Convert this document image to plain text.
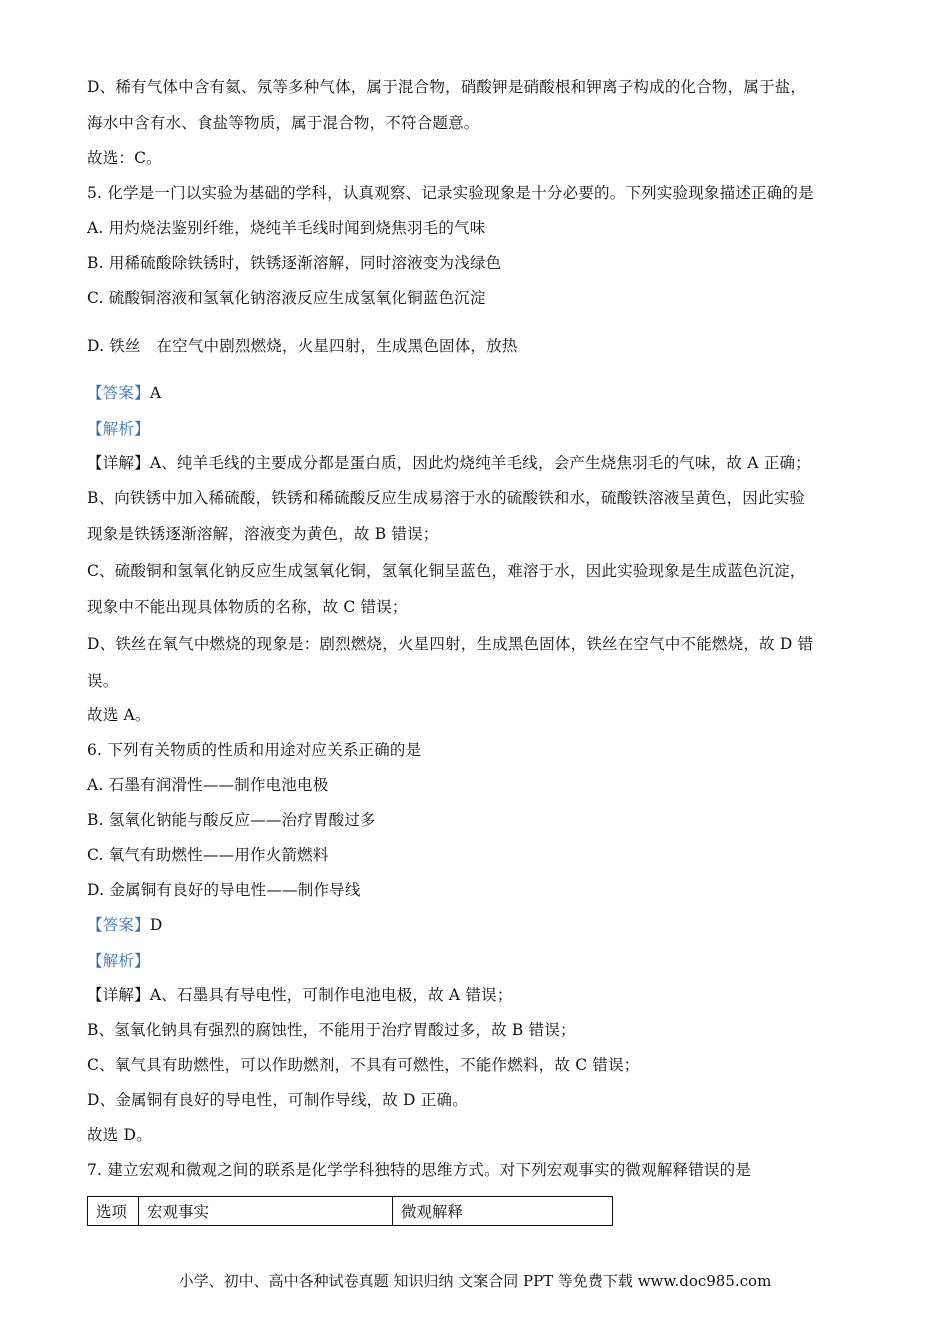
D、稀有气体中含有氦、氖等多种气体，属于混合物，硝酸钾是硝酸根和钾离子构成的化合物，属于盐，
海水中含有水、食盐等物质，属于混合物，不符合题意。
故选：C。
5. 化学是一门以实验为基础的学科，认真观察、记录实验现象是十分必要的。下列实验现象描述正确的是
A. 用灼烧法鉴别纤维，烧纯羊毛线时闻到烧焦羽毛的气味
B. 用稀硫酸除铁锈时，铁锈逐渐溶解，同时溶液变为浅绿色
C. 硫酸铜溶液和氢氧化钠溶液反应生成氢氧化铜蓝色沉淀
D. 铁丝　在空气中剧烈燃烧，火星四射，生成黑色固体，放热
【答案】A
【解析】
【详解】A、纯羊毛线的主要成分都是蛋白质，因此灼烧纯羊毛线，会产生烧焦羽毛的气味，故 A 正确；
B、向铁锈中加入稀硫酸，铁锈和稀硫酸反应生成易溶于水的硫酸铁和水，硫酸铁溶液呈黄色，因此实验
现象是铁锈逐渐溶解，溶液变为黄色，故 B 错误；
C、硫酸铜和氢氧化钠反应生成氢氧化铜，氢氧化铜呈蓝色，难溶于水，因此实验现象是生成蓝色沉淀，
现象中不能出现具体物质的名称，故 C 错误；
D、铁丝在氧气中燃烧的现象是：剧烈燃烧，火星四射，生成黑色固体，铁丝在空气中不能燃烧，故 D 错
误。
故选 A。
6. 下列有关物质的性质和用途对应关系正确的是
A. 石墨有润滑性——制作电池电极
B. 氢氧化钠能与酸反应——治疗胃酸过多
C. 氧气有助燃性——用作火箭燃料
D. 金属铜有良好的导电性——制作导线
【答案】D
【解析】
【详解】A、石墨具有导电性，可制作电池电极，故 A 错误；
B、氢氧化钠具有强烈的腐蚀性，不能用于治疗胃酸过多，故 B 错误；
C、氧气具有助燃性，可以作助燃剂，不具有可燃性，不能作燃料，故 C 错误；
D、金属铜有良好的导电性，可制作导线，故 D 正确。
故选 D。
7. 建立宏观和微观之间的联系是化学学科独特的思维方式。对下列宏观事实的微观解释错误的是
选项	宏观事实	微观解释
小学、初中、高中各种试卷真题 知识归纳 文案合同 PPT 等免费下载 www.doc985.com
